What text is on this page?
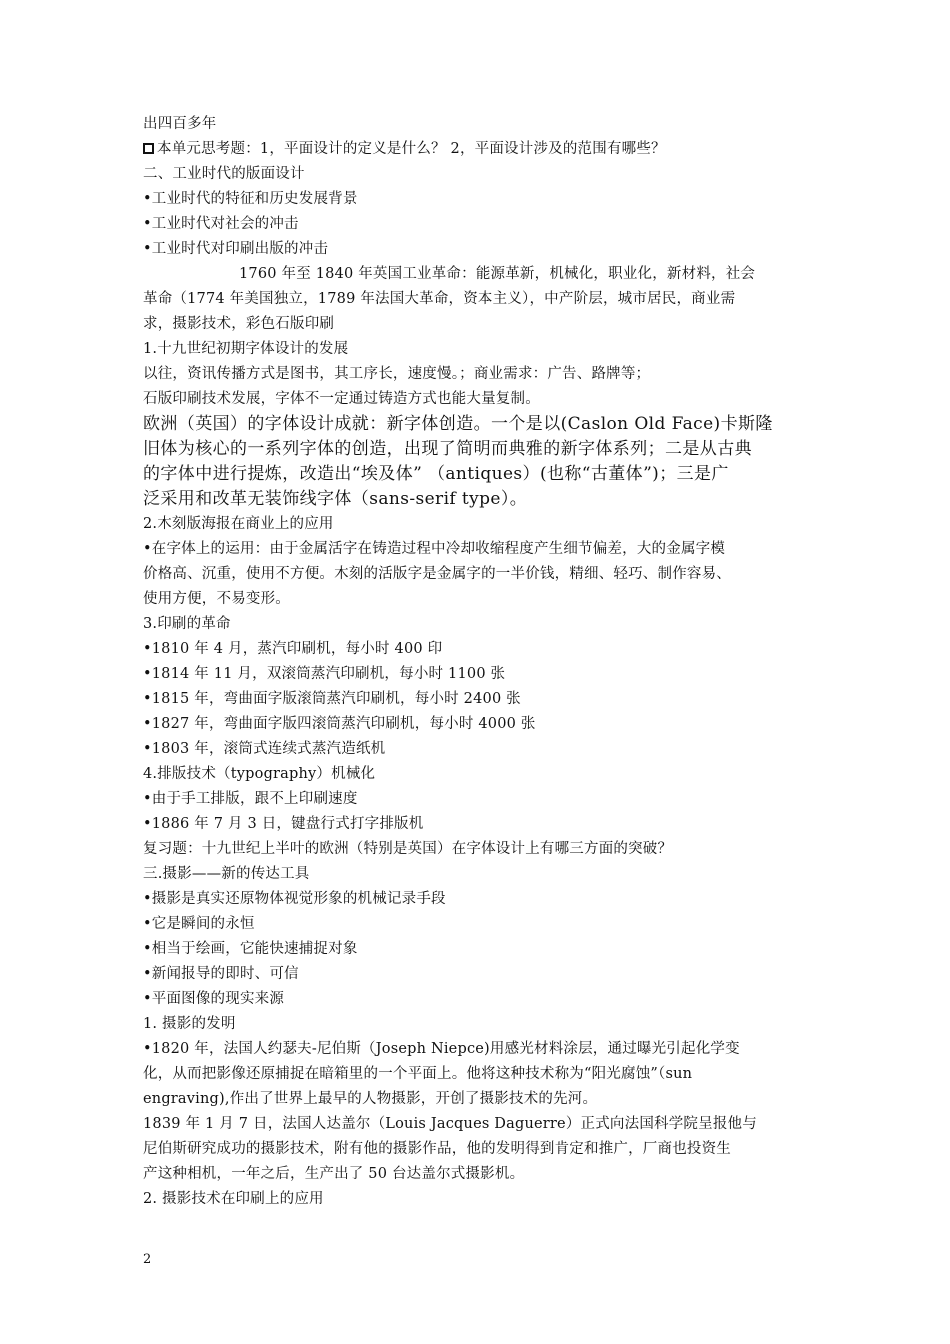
出四百多年
本单元思考题：1，平面设计的定义是什么？ 2，平面设计涉及的范围有哪些？
二、工业时代的版面设计
•工业时代的特征和历史发展背景
•工业时代对社会的冲击
•工业时代对印刷出版的冲击
1760 年至 1840 年英国工业革命：能源革新，机械化，职业化，新材料，社会
革命（1774 年美国独立，1789 年法国大革命，资本主义），中产阶层，城市居民，商业需
求，摄影技术，彩色石版印刷
1.十九世纪初期字体设计的发展
以往，资讯传播方式是图书，其工序长，速度慢。；商业需求：广告、路牌等；
石版印刷技术发展，字体不一定通过铸造方式也能大量复制。
欧洲（英国）的字体设计成就：新字体创造。一个是以(Caslon Old Face)卡斯隆
旧体为核心的一系列字体的创造，出现了简明而典雅的新字体系列；二是从古典
的字体中进行提炼，改造出“埃及体” （antiques）(也称“古董体”)；三是广
泛采用和改革无装饰线字体（sans-serif type）。
2.木刻版海报在商业上的应用
•在字体上的运用：由于金属活字在铸造过程中冷却收缩程度产生细节偏差，大的金属字模
价格高、沉重，使用不方便。木刻的活版字是金属字的一半价钱，精细、轻巧、制作容易、
使用方便，不易变形。
3.印刷的革命
•1810 年 4 月，蒸汽印刷机，每小时 400 印
•1814 年 11 月，双滚筒蒸汽印刷机，每小时 1100 张
•1815 年，弯曲面字版滚筒蒸汽印刷机，每小时 2400 张
•1827 年，弯曲面字版四滚筒蒸汽印刷机，每小时 4000 张
•1803 年，滚筒式连续式蒸汽造纸机
4.排版技术（typography）机械化
•由于手工排版，跟不上印刷速度
•1886 年 7 月 3 日，键盘行式打字排版机
复习题：十九世纪上半叶的欧洲（特别是英国）在字体设计上有哪三方面的突破？
三.摄影——新的传达工具
•摄影是真实还原物体视觉形象的机械记录手段
•它是瞬间的永恒
•相当于绘画，它能快速捕捉对象
•新闻报导的即时、可信
•平面图像的现实来源
1. 摄影的发明
•1820 年，法国人约瑟夫-尼伯斯（Joseph Niepce)用感光材料涂层，通过曝光引起化学变
化，从而把影像还原捕捉在暗箱里的一个平面上。他将这种技术称为“阳光腐蚀”（sun
engraving),作出了世界上最早的人物摄影，开创了摄影技术的先河。
1839 年 1 月 7 日，法国人达盖尔（Louis Jacques Daguerre）正式向法国科学院呈报他与
尼伯斯研究成功的摄影技术，附有他的摄影作品，他的发明得到肯定和推广，厂商也投资生
产这种相机，一年之后，生产出了 50 台达盖尔式摄影机。
2. 摄影技术在印刷上的应用
2
